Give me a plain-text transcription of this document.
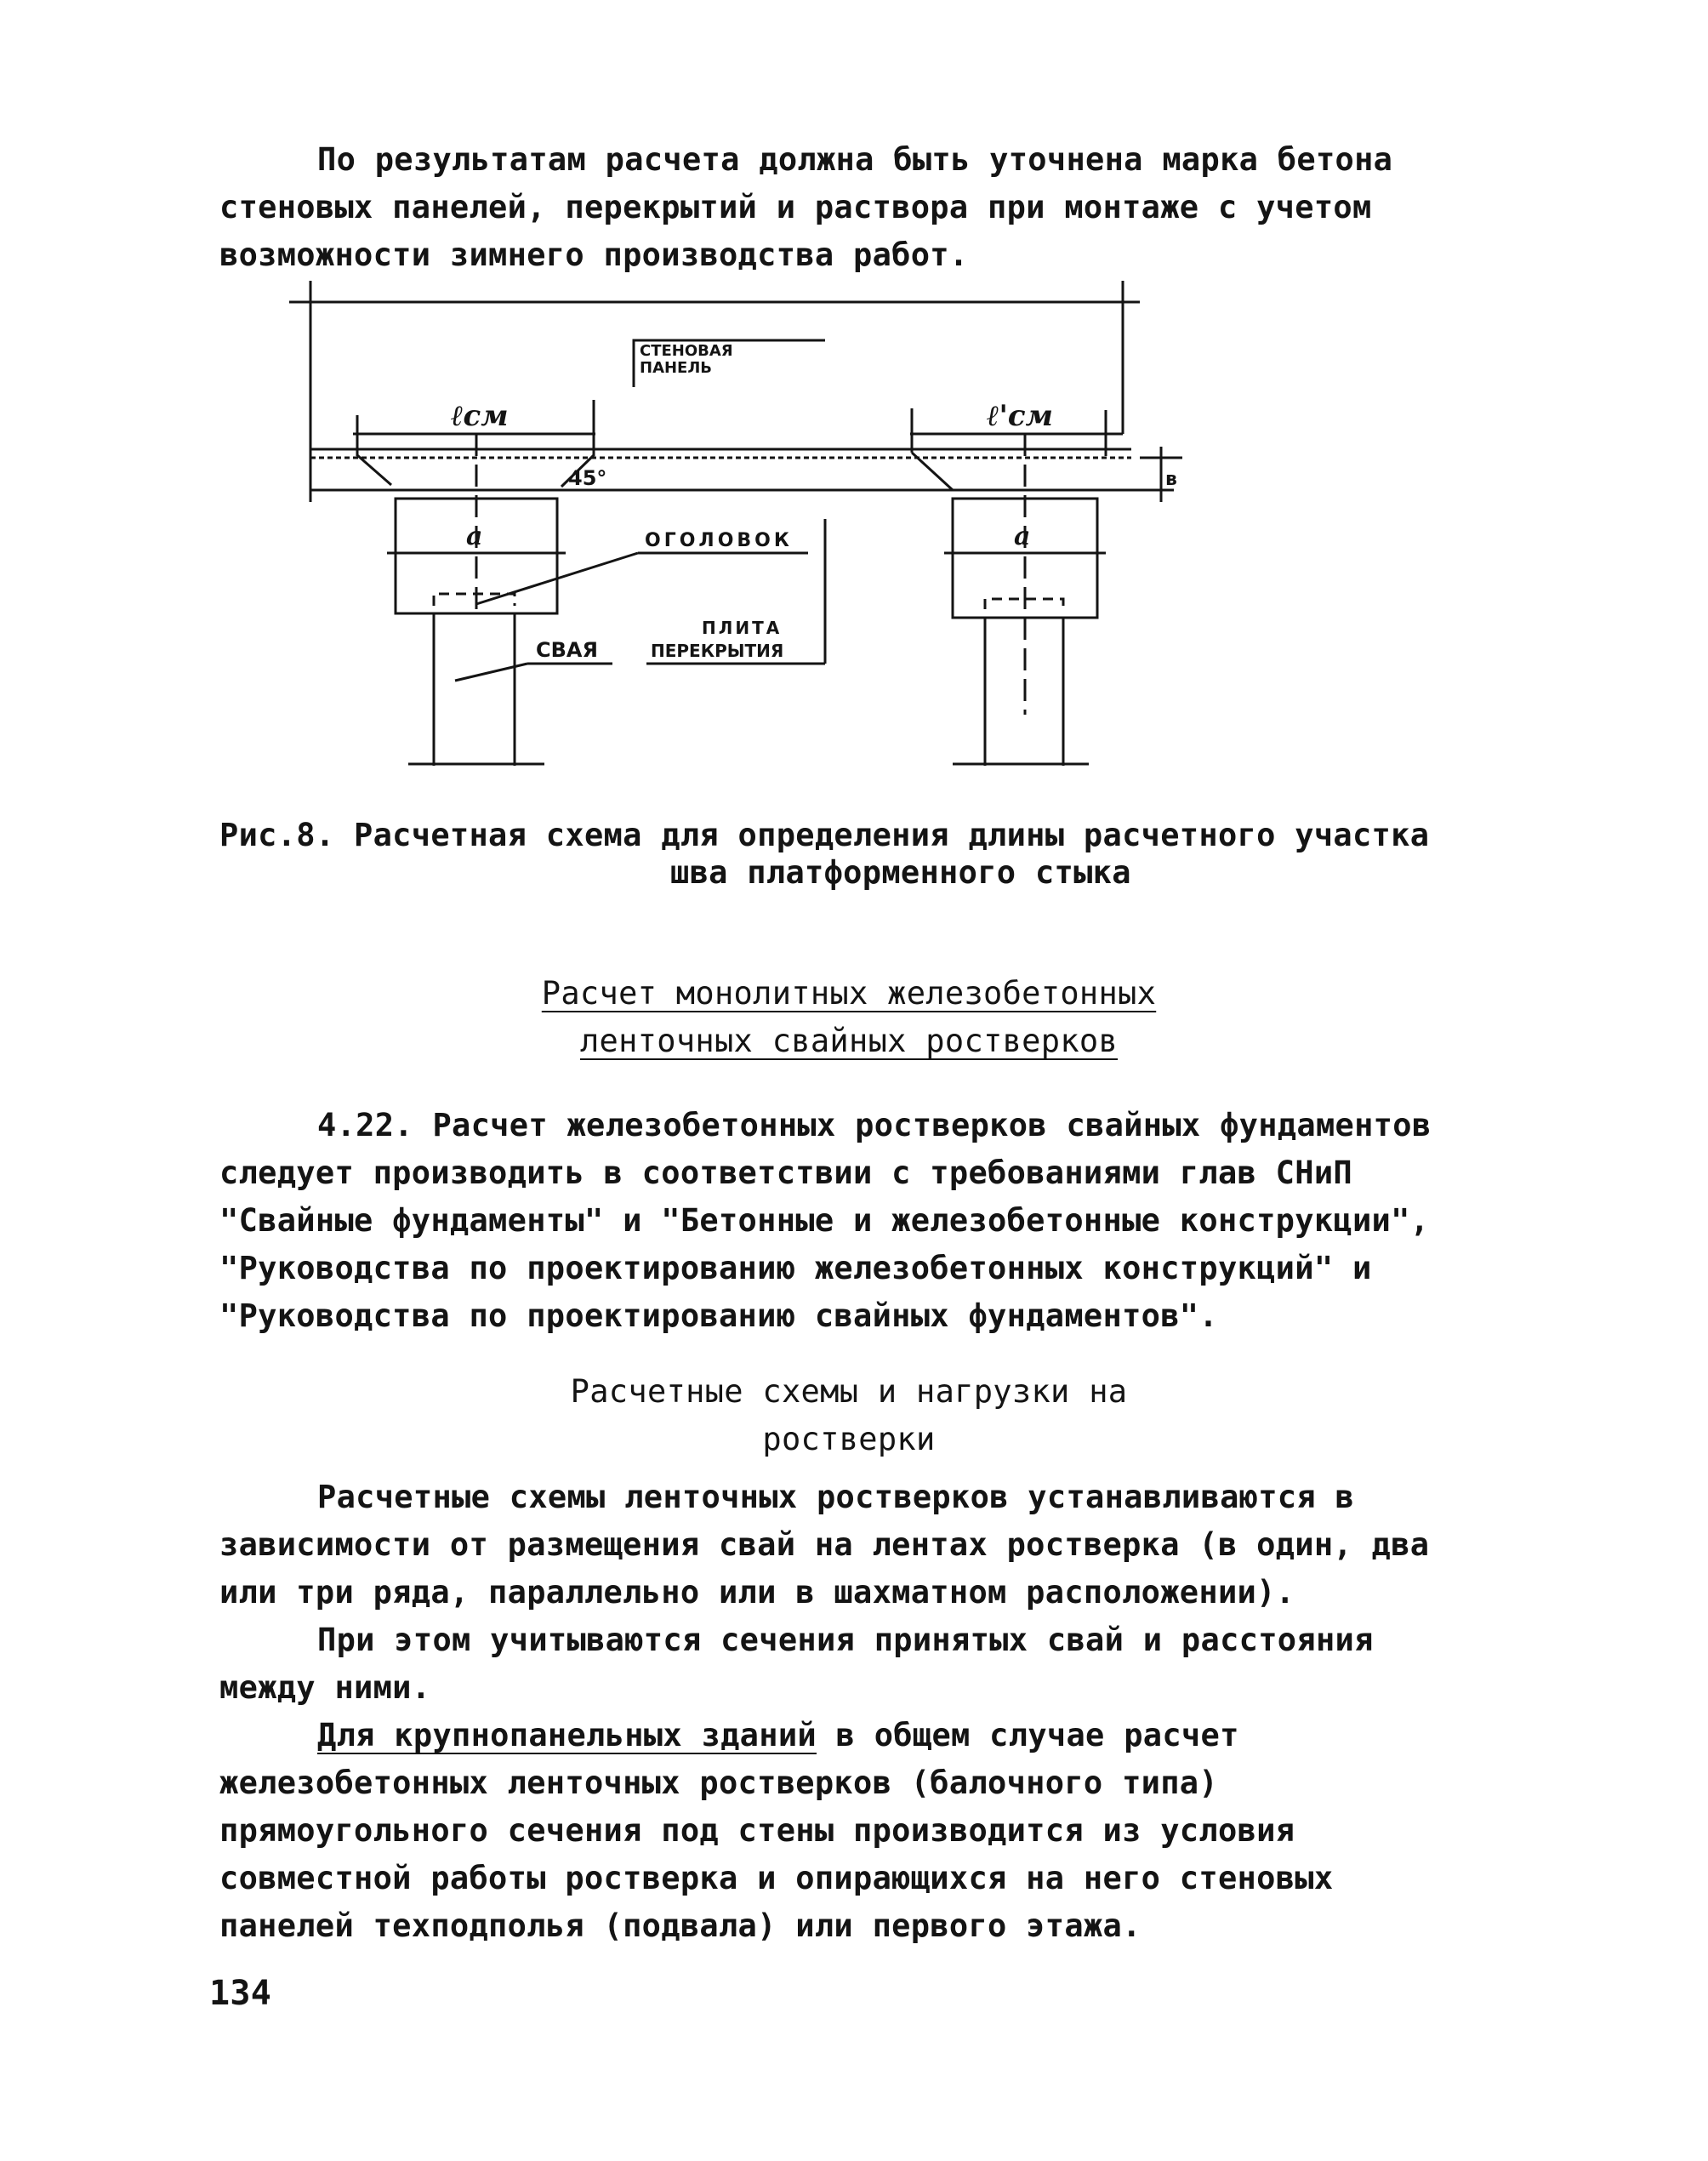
По результатам расчета должна быть уточнена марка бетона стеновых панелей, перекрытий и раствора при монтаже с учетом возможности зимнего производства работ.

СТЕНОВАЯ
ПАНЕЛЬ
ℓсм	ℓ'см
45°	в
a	a
ОГОЛОВОК
ПЛИТА
ПЕРЕКРЫТИЯ
СВАЯ
Рис.8. Расчетная схема для определения длины расчетного участка
шва платформенного стыка
Расчет монолитных железобетонных
ленточных свайных ростверков

4.22. Расчет железобетонных ростверков свайных фундаментов следует производить в соответствии с требованиями глав СНиП "Свайные фундаменты" и "Бетонные и железобетонные конструкции", "Руководства по проектированию железобетонных конструкций" и "Руководства по проектированию свайных фундаментов".

Расчетные схемы и нагрузки на
ростверки

Расчетные схемы ленточных ростверков устанавливаются в зависимости от размещения свай на лентах ростверка (в один, два или три ряда, параллельно или в шахматном расположении).

При этом учитываются сечения принятых свай и расстояния между ними.

Для крупнопанельных зданий в общем случае расчет железобетонных ленточных ростверков (балочного типа) прямоугольного сечения под стены производится из условия совместной работы ростверка и опирающихся на него стеновых панелей техподполья (подвала) или первого этажа.

134
